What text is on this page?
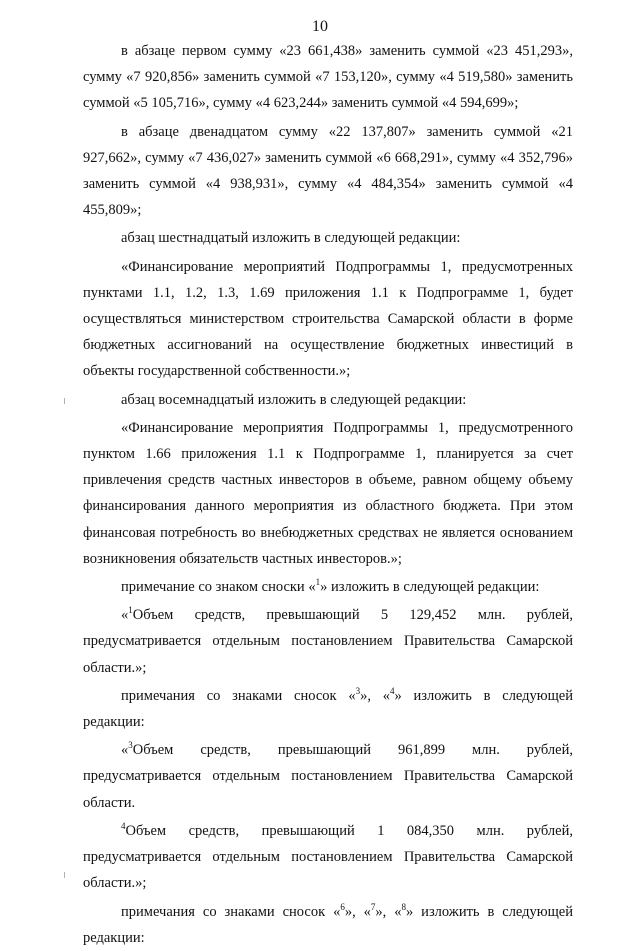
10

в абзаце первом сумму «23 661,438» заменить суммой «23 451,293», сумму «7 920,856» заменить суммой «7 153,120», сумму «4 519,580» заменить суммой «5 105,716», сумму «4 623,244» заменить суммой «4 594,699»;

в абзаце двенадцатом сумму «22 137,807» заменить суммой «21 927,662», сумму «7 436,027» заменить суммой «6 668,291», сумму «4 352,796» заменить суммой «4 938,931», сумму «4 484,354» заменить суммой «4 455,809»;

абзац шестнадцатый изложить в следующей редакции:

«Финансирование мероприятий Подпрограммы 1, предусмотренных пунктами 1.1, 1.2, 1.3, 1.69 приложения 1.1 к Подпрограмме 1, будет осуществляться министерством строительства Самарской области в форме бюджетных ассигнований на осуществление бюджетных инвестиций в объекты государственной собственности.»;

абзац восемнадцатый изложить в следующей редакции:

«Финансирование мероприятия Подпрограммы 1, предусмотренного пунктом 1.66 приложения 1.1 к Подпрограмме 1, планируется за счет привлечения средств частных инвесторов в объеме, равном общему объему финансирования данного мероприятия из областного бюджета. При этом финансовая потребность во внебюджетных средствах не является основанием возникновения обязательств частных инвесторов.»;

примечание со знаком сноски «$^1$» изложить в следующей редакции:

«$^1$Объем средств, превышающий 5 129,452 млн. рублей, предусматривается отдельным постановлением Правительства Самарской области.»;

примечания со знаками сносок «$^3$», «$^4$» изложить в следующей редакции:

«$^3$Объем средств, превышающий 961,899 млн. рублей, предусматривается отдельным постановлением Правительства Самарской области.

$^4$Объем средств, превышающий 1 084,350 млн. рублей, предусматривается отдельным постановлением Правительства Самарской области.»;

примечания со знаками сносок «$^6$», «$^7$», «$^8$» изложить в следующей редакции:
